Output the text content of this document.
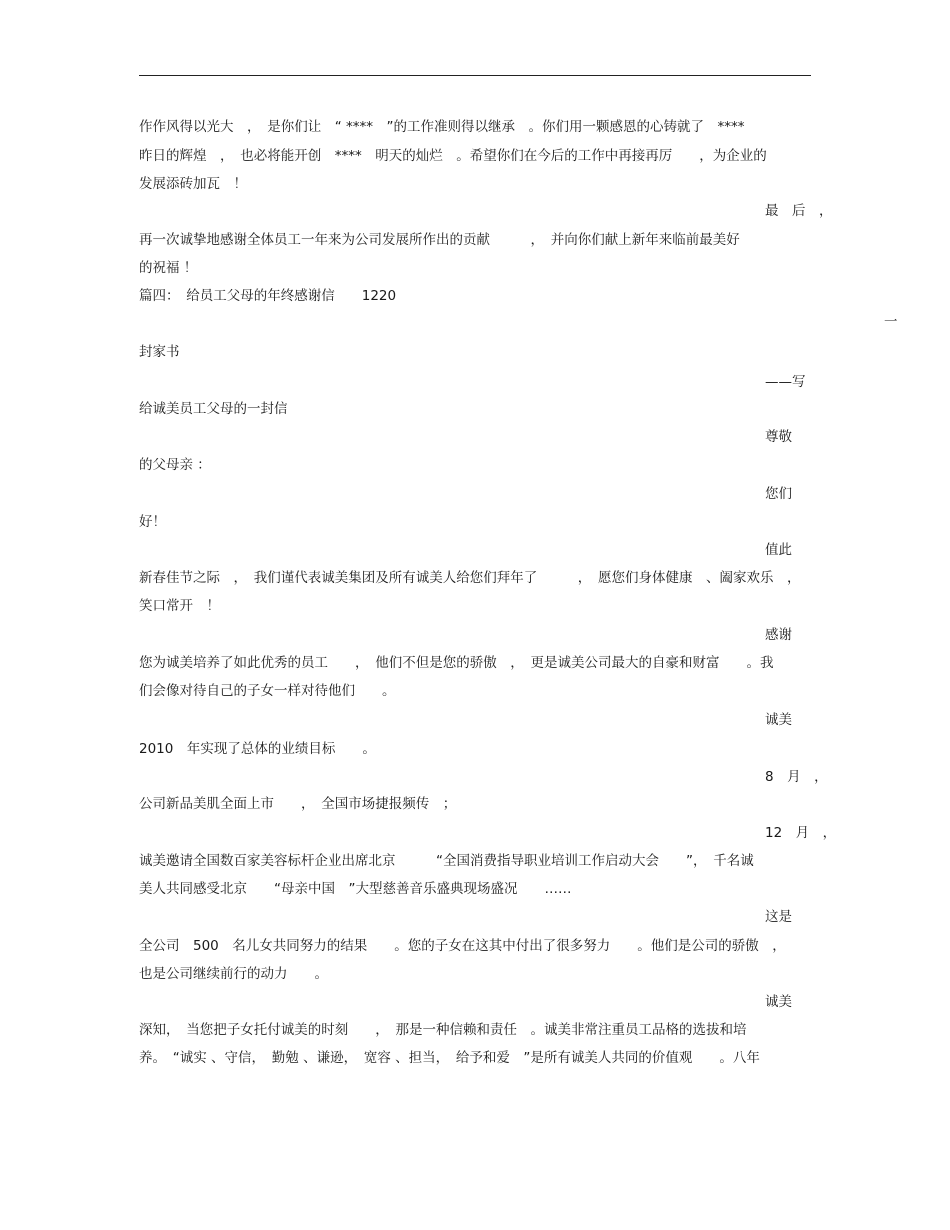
作作风得以光大　，　是你们让　“ ****　”的工作准则得以继承　。你们用一颗感恩的心铸就了　****
昨日的辉煌　，　也必将能开创　****　明天的灿烂　。希望你们在今后的工作中再接再厉　　，为企业的
发展添砖加瓦　！
最　后　，
再一次诚挚地感谢全体员工一年来为公司发展所作出的贡献　　　，　并向你们献上新年来临前最美好
的祝福 ！
篇四：　给员工父母的年终感谢信　　1220
一
封家书
——写
给诚美员工父母的一封信
尊敬
的父母亲 ：
您们
好！
值此
新春佳节之际　，　我们谨代表诚美集团及所有诚美人给您们拜年了　　　，　愿您们身体健康　、阖家欢乐　，
笑口常开　！
感谢
您为诚美培养了如此优秀的员工　　，　他们不但是您的骄傲　，　更是诚美公司最大的自豪和财富　　。我
们会像对待自己的子女一样对待他们　　。
诚美
2010　年实现了总体的业绩目标　　。
8　月　，
公司新品美肌全面上市　　，　全国市场捷报频传　；
12　月　，
诚美邀请全国数百家美容标杆企业出席北京　　　“全国消费指导职业培训工作启动大会　　”，　千名诚
美人共同感受北京　　“母亲中国　”大型慈善音乐盛典现场盛况　　……
这是
全公司　500　名儿女共同努力的结果　　。您的子女在这其中付出了很多努力　　。他们是公司的骄傲　，
也是公司继续前行的动力　　。
诚美
深知，　当您把子女托付诚美的时刻　　，　那是一种信赖和责任　。诚美非常注重员工品格的选拔和培
养。　“诚实 、守信，　勤勉 、谦逊，　宽容 、担当，　给予和爱　”是所有诚美人共同的价值观　　。八年
